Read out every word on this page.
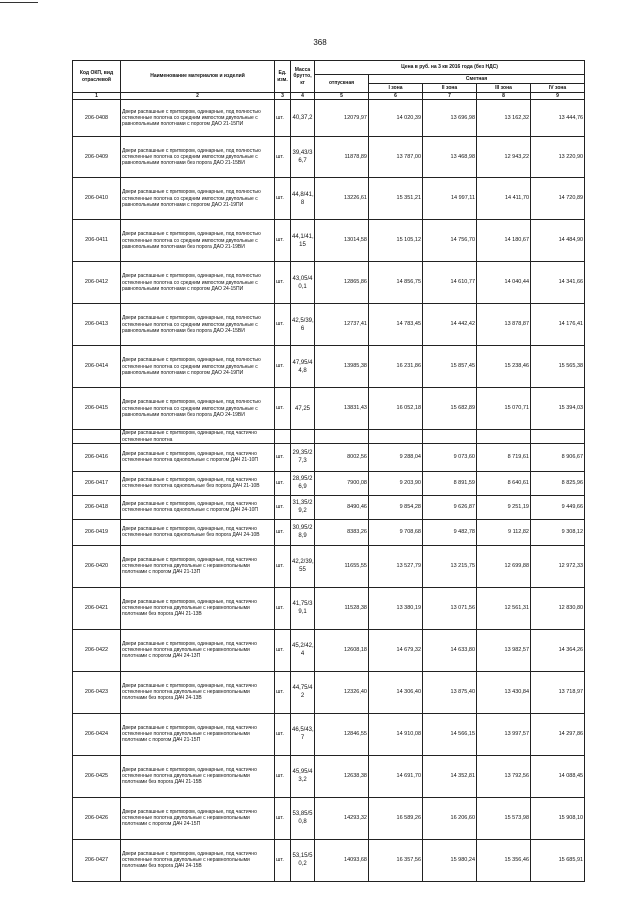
368
Код ОКП, вид отраслевой	Наименование материалов и изделий	Ед. изм.	Масса брутто, кг	Цена в руб. на 3 кв 2016 года (без НДС)				
				отпускная	Сметная			
					I зона	II зона	III зона	IV зона
1	2	3	4	5	6	7	8	9
206-0408	Двери распашные с притвором, одинарные, под полностью остекленные полотна со средним импостом двупольные с равнопольными полотнами с порогом ДАО 21-15ПИ	шт.	40,37,2	12079,97	14 020,39	13 696,98	13 162,32	13 444,76
206-0409	Двери распашные с притвором, одинарные, под полностью остекленные полотна со средним импостом двупольные с равнопольными полотнами без порога ДАО 21-15ВИ	шт.	39,43/3 6,7	11878,89	13 787,00	13 468,98	12 943,22	13 220,90
206-0410	Двери распашные с притвором, одинарные, под полностью остекленные полотна со средним импостом двупольные с равнопольными полотнами с порогом ДАО 21-19ПИ	шт.	44,8/41, 8	13226,61	15 351,21	14 997,11	14 411,70	14 720,89
206-0411	Двери распашные с притвором, одинарные, под полностью остекленные полотна со средним импостом двупольные с равнопольными полотнами без порога ДАО 21-19ВИ	шт.	44,1/41, 15	13014,58	15 105,12	14 756,70	14 180,67	14 484,90
206-0412	Двери распашные с притвором, одинарные, под полностью остекленные полотна со средним импостом двупольные с равнопольными полотнами с порогом ДАО 24-15ПИ	шт.	43,05/4 0,1	12865,86	14 856,75	14 610,77	14 040,44	14 341,66
206-0413	Двери распашные с притвором, одинарные, под полностью остекленные полотна со средним импостом двупольные с равнопольными полотнами без порога ДАО 24-15ВИ	шт.	42,5/39, 6	12737,41	14 783,45	14 442,42	13 878,87	14 176,41
206-0414	Двери распашные с притвором, одинарные, под полностью остекленные полотна со средним импостом двупольные с равнопольными полотнами с порогом ДАО 24-19ПИ	шт.	47,95/4 4,8	13985,38	16 231,86	15 857,45	15 238,46	15 565,38
206-0415	Двери распашные с притвором, одинарные, под полностью остекленные полотна со средним импостом двупольные с равнопольными полотнами без порога ДАО 24-19ВИ	шт.	47,25	13831,43	16 052,18	15 682,89	15 070,71	15 394,03
	Двери распашные с притвором, одинарные, под частично остекленные полотна							
206-0416	Двери распашные с притвором, одинарные, под частично остекленные полотна однопольные с порогом ДАЧ 21-10П	шт.	29,35/2 7,3	8002,56	9 288,04	9 073,60	8 719,61	8 906,67
206-0417	Двери распашные с притвором, одинарные, под частично остекленные полотна однопольные без порога ДАЧ 21-10В	шт.	28,95/2 6,9	7900,08	9 203,90	8 891,59	8 640,61	8 825,96
206-0418	Двери распашные с притвором, одинарные, под частично остекленные полотна однопольные с порогом ДАЧ 24-10П	шт.	31,35/2 9,2	8490,46	9 854,28	9 626,87	9 251,19	9 449,66
206-0419	Двери распашные с притвором, одинарные, под частично остекленные полотна однопольные без порога ДАЧ 24-10В	шт.	30,95/2 8,9	8383,26	9 708,68	9 482,78	9 112,82	9 308,12
206-0420	Двери распашные с притвором, одинарные, под частично остекленные полотна двупольные с неравнопольными полотнами с порогом ДАЧ 21-13П	шт.	42,2/39, 55	11655,55	13 527,79	13 215,75	12 699,88	12 972,33
206-0421	Двери распашные с притвором, одинарные, под частично остекленные полотна двупольные с неравнопольными полотнами без порога ДАЧ 21-13В	шт.	41,75/3 9,1	11528,38	13 380,19	13 071,56	12 561,31	12 830,80
206-0422	Двери распашные с притвором, одинарные, под частично остекленные полотна двупольные с неравнопольными полотнами с порогом ДАЧ 24-13П	шт.	45,2/42, 4	12608,18	14 679,32	14 633,80	13 982,57	14 364,26
206-0423	Двери распашные с притвором, одинарные, под частично остекленные полотна двупольные с неравнопольными полотнами без порога ДАЧ 24-13В	шт.	44,75/4 2	12326,40	14 306,40	13 875,40	13 430,84	13 718,97
206-0424	Двери распашные с притвором, одинарные, под частично остекленные полотна двупольные с неравнопольными полотнами с порогом ДАЧ 21-15П	шт.	46,5/43, 7	12846,55	14 910,08	14 566,15	13 997,57	14 297,86
206-0425	Двери распашные с притвором, одинарные, под частично остекленные полотна двупольные с неравнопольными полотнами без порога ДАЧ 21-15В	шт.	45,95/4 3,2	12638,38	14 691,70	14 352,81	13 792,56	14 088,45
206-0426	Двери распашные с притвором, одинарные, под частично остекленные полотна двупольные с неравнопольными полотнами с порогом ДАЧ 24-15П	шт.	53,85/5 0,8	14293,32	16 589,26	16 206,60	15 573,98	15 908,10
206-0427	Двери распашные с притвором, одинарные, под частично остекленные полотна двупольные с неравнопольными полотнами без порога ДАЧ 24-15В	шт.	53,15/5 0,2	14093,68	16 357,56	15 980,24	15 356,46	15 685,91
